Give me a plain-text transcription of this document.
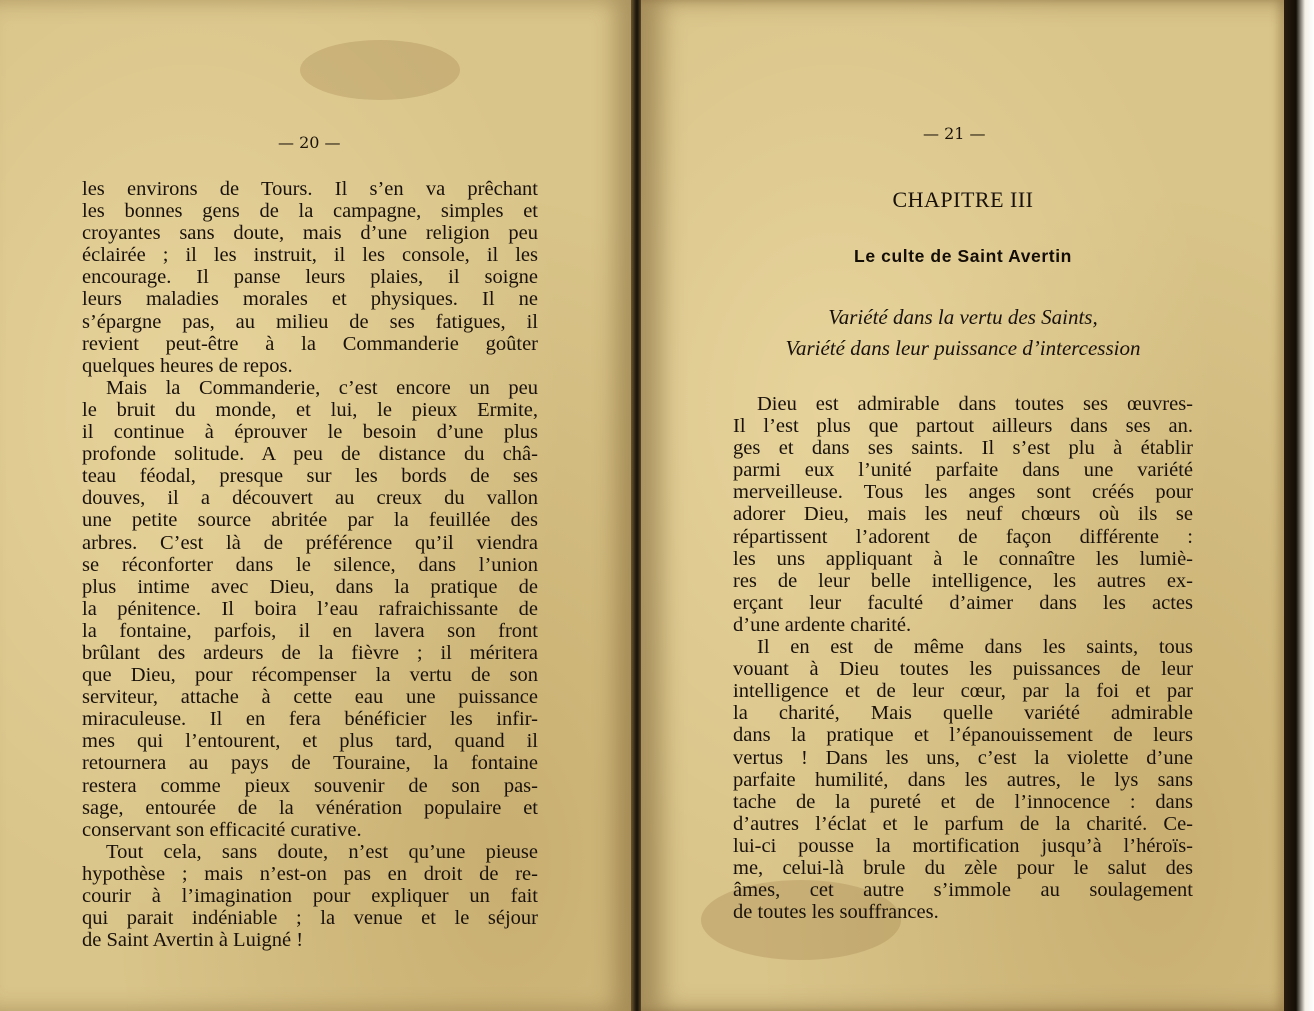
— 20 —	— 21 —
les environs de Tours. Il s’en va prêchant
les bonnes gens de la campagne, simples et
croyantes sans doute, mais d’une religion peu
éclairée ; il les instruit, il les console, il les
encourage. Il panse leurs plaies, il soigne
leurs maladies morales et physiques. Il ne
s’épargne pas, au milieu de ses fatigues, il
revient peut-être à la Commanderie goûter
quelques heures de repos.
Mais la Commanderie, c’est encore un peu
le bruit du monde, et lui, le pieux Ermite,
il continue à éprouver le besoin d’une plus
profonde solitude. A peu de distance du châ-
teau féodal, presque sur les bords de ses
douves, il a découvert au creux du vallon
une petite source abritée par la feuillée des
arbres. C’est là de préférence qu’il viendra
se réconforter dans le silence, dans l’union
plus intime avec Dieu, dans la pratique de
la pénitence. Il boira l’eau rafraichissante de
la fontaine, parfois, il en lavera son front
brûlant des ardeurs de la fièvre ; il méritera
que Dieu, pour récompenser la vertu de son
serviteur, attache à cette eau une puissance
miraculeuse. Il en fera bénéficier les infir-
mes qui l’entourent, et plus tard, quand il
retournera au pays de Touraine, la fontaine
restera comme pieux souvenir de son pas-
sage, entourée de la vénération populaire et
conservant son efficacité curative.
Tout cela, sans doute, n’est qu’une pieuse
hypothèse ; mais n’est-on pas en droit de re-
courir à l’imagination pour expliquer un fait
qui parait indéniable ; la venue et le séjour
de Saint Avertin à Luigné !
CHAPITRE III
Le culte de Saint Avertin
Variété dans la vertu des Saints,
Variété dans leur puissance d’intercession
Dieu est admirable dans toutes ses œuvres-
Il l’est plus que partout ailleurs dans ses an.
ges et dans ses saints. Il s’est plu à établir
parmi eux l’unité parfaite dans une variété
merveilleuse. Tous les anges sont créés pour
adorer Dieu, mais les neuf chœurs où ils se
répartissent l’adorent de façon différente :
les uns appliquant à le connaître les lumiè-
res de leur belle intelligence, les autres ex-
erçant leur faculté d’aimer dans les actes
d’une ardente charité.
Il en est de même dans les saints, tous
vouant à Dieu toutes les puissances de leur
intelligence et de leur cœur, par la foi et par
la charité, Mais quelle variété admirable
dans la pratique et l’épanouissement de leurs
vertus ! Dans les uns, c’est la violette d’une
parfaite humilité, dans les autres, le lys sans
tache de la pureté et de l’innocence : dans
d’autres l’éclat et le parfum de la charité. Ce-
lui-ci pousse la mortification jusqu’à l’héroïs-
me, celui-là brule du zèle pour le salut des
âmes, cet autre s’immole au soulagement
de toutes les souffrances.
